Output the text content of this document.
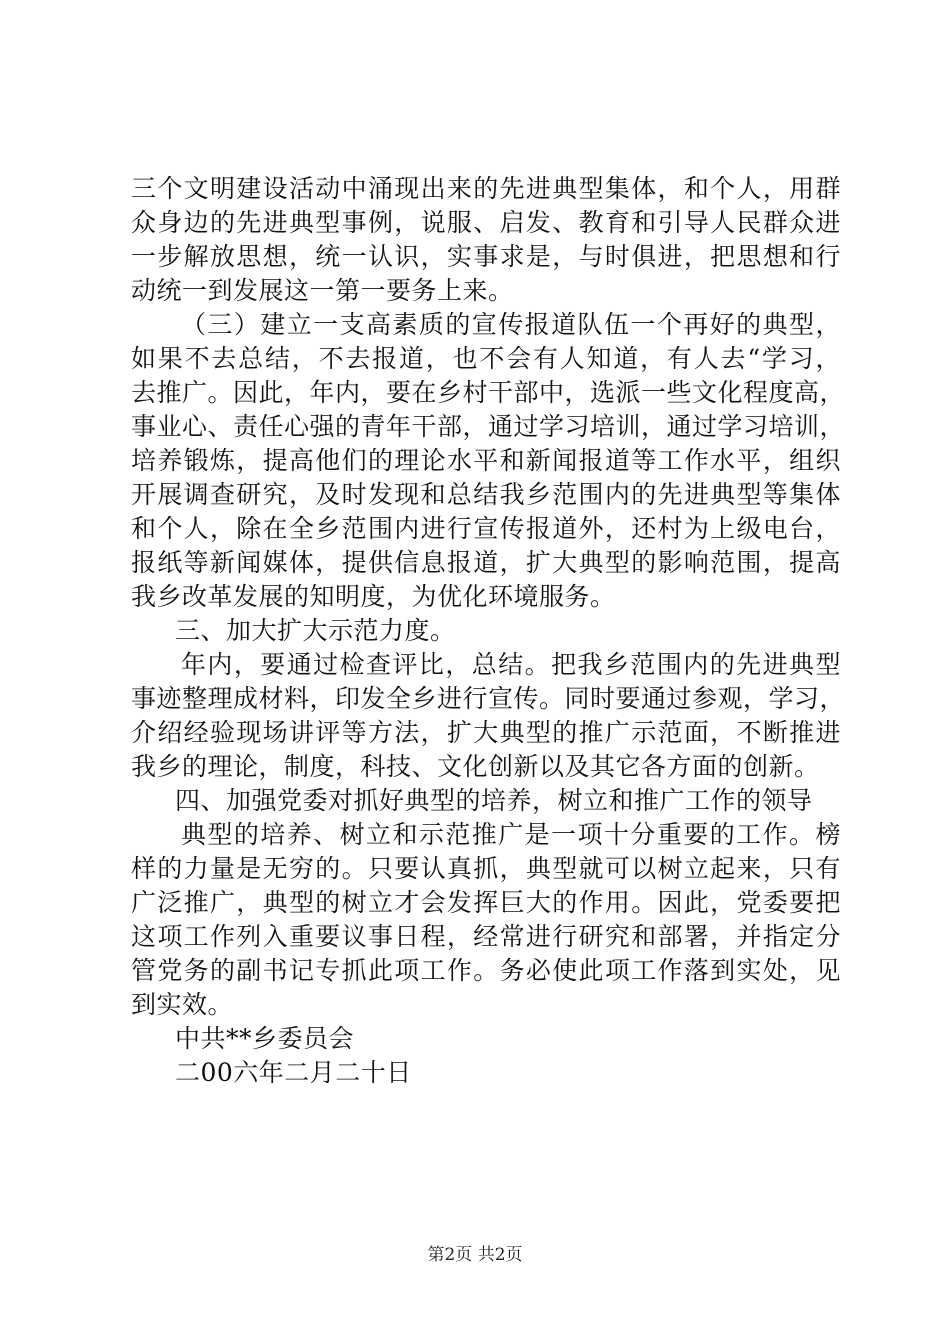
三个文明建设活动中涌现出来的先进典型集体，和个人，用群
众身边的先进典型事例，说服、启发、教育和引导人民群众进
一步解放思想，统一认识，实事求是，与时俱进，把思想和行
动统一到发展这一第一要务上来。
（三）建立一支高素质的宣传报道队伍一个再好的典型，
如果不去总结，不去报道，也不会有人知道，有人去“学习，
去推广。因此，年内，要在乡村干部中，选派一些文化程度高，
事业心、责任心强的青年干部，通过学习培训，通过学习培训，
培养锻炼，提高他们的理论水平和新闻报道等工作水平，组织
开展调查研究，及时发现和总结我乡范围内的先进典型等集体
和个人，除在全乡范围内进行宣传报道外，还村为上级电台，
报纸等新闻媒体，提供信息报道，扩大典型的影响范围，提高
我乡改革发展的知明度，为优化环境服务。
三、加大扩大示范力度。
年内，要通过检查评比，总结。把我乡范围内的先进典型
事迹整理成材料，印发全乡进行宣传。同时要通过参观，学习，
介绍经验现场讲评等方法，扩大典型的推广示范面，不断推进
我乡的理论，制度，科技、文化创新以及其它各方面的创新。
四、加强党委对抓好典型的培养，树立和推广工作的领导
典型的培养、树立和示范推广是一项十分重要的工作。榜
样的力量是无穷的。只要认真抓，典型就可以树立起来，只有
广泛推广，典型的树立才会发挥巨大的作用。因此，党委要把
这项工作列入重要议事日程，经常进行研究和部署，并指定分
管党务的副书记专抓此项工作。务必使此项工作落到实处，见
到实效。
中共**乡委员会
二00六年二月二十日
第2页 共2页
